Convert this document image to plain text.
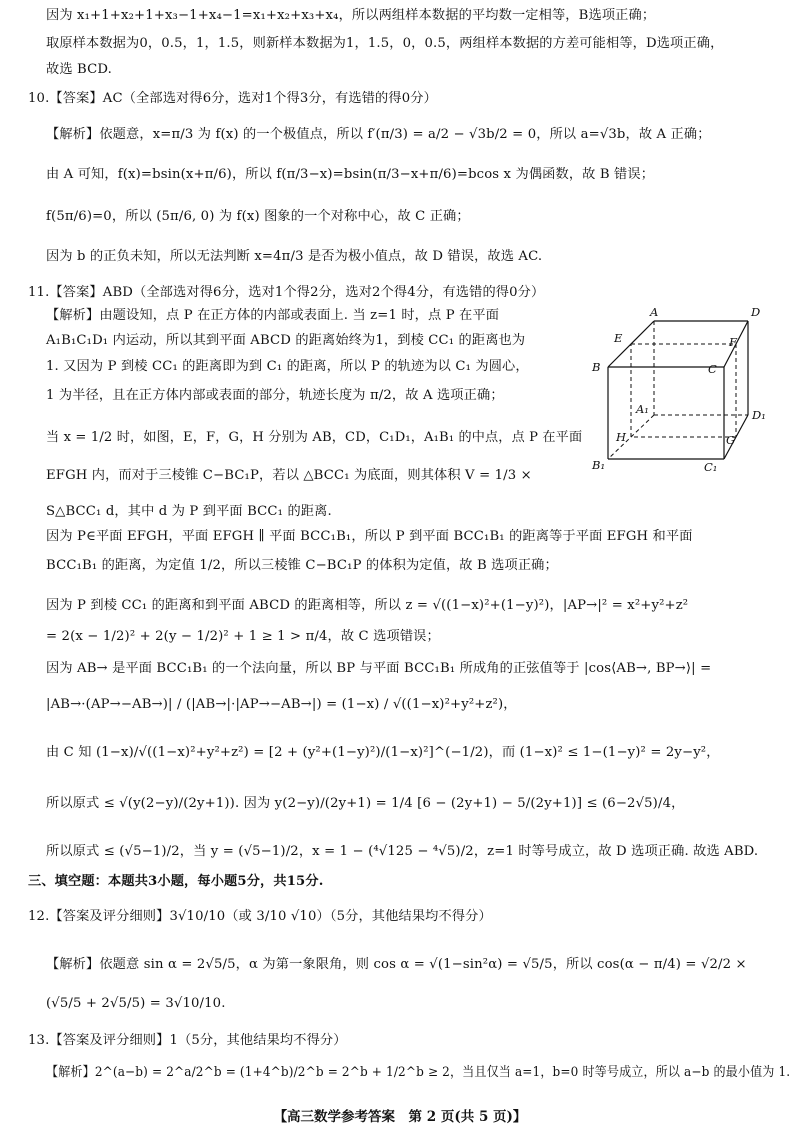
因为 x₁+1+x₂+1+x₃−1+x₄−1=x₁+x₂+x₃+x₄，所以两组样本数据的平均数一定相等，B选项正确；
取原样本数据为0，0.5，1，1.5，则新样本数据为1，1.5，0，0.5，两组样本数据的方差可能相等，D选项正确，
故选 BCD.
10.【答案】AC（全部选对得6分，选对1个得3分，有选错的得0分）
【解析】依题意，x=π/3 为 f(x) 的一个极值点，所以 f′(π/3) = a/2 − √3b/2 = 0，所以 a=√3b，故 A 正确；
由 A 可知，f(x)=bsin(x+π/6)，所以 f(π/3−x)=bsin(π/3−x+π/6)=bcos x 为偶函数，故 B 错误；
f(5π/6)=0，所以 (5π/6, 0) 为 f(x) 图象的一个对称中心，故 C 正确；
因为 b 的正负未知，所以无法判断 x=4π/3 是否为极小值点，故 D 错误，故选 AC.
11.【答案】ABD（全部选对得6分，选对1个得2分，选对2个得4分，有选错的得0分）
【解析】由题设知，点 P 在正方体的内部或表面上. 当 z=1 时，点 P 在平面
A₁B₁C₁D₁ 内运动，所以其到平面 ABCD 的距离始终为1，到棱 CC₁ 的距离也为
1. 又因为 P 到棱 CC₁ 的距离即为到 C₁ 的距离，所以 P 的轨迹为以 C₁ 为圆心，
1 为半径，且在正方体内部或表面的部分，轨迹长度为 π/2，故 A 选项正确；
当 x = 1/2 时，如图，E，F，G，H 分别为 AB，CD，C₁D₁，A₁B₁ 的中点，点 P 在平面
EFGH 内，而对于三棱锥 C−BC₁P，若以 △BCC₁ 为底面，则其体积 V = 1/3 ×
S△BCC₁ d，其中 d 为 P 到平面 BCC₁ 的距离.
因为 P∈平面 EFGH，平面 EFGH ∥ 平面 BCC₁B₁，所以 P 到平面 BCC₁B₁ 的距离等于平面 EFGH 和平面
BCC₁B₁ 的距离，为定值 1/2，所以三棱锥 C−BC₁P 的体积为定值，故 B 选项正确；
因为 P 到棱 CC₁ 的距离和到平面 ABCD 的距离相等，所以 z = √((1−x)²+(1−y)²)，|AP→|² = x²+y²+z²
= 2(x − 1/2)² + 2(y − 1/2)² + 1 ≥ 1 > π/4，故 C 选项错误；
因为 AB→ 是平面 BCC₁B₁ 的一个法向量，所以 BP 与平面 BCC₁B₁ 所成角的正弦值等于 |cos⟨AB→, BP→⟩| =
|AB→·(AP→−AB→)| / (|AB→|·|AP→−AB→|) = (1−x) / √((1−x)²+y²+z²)，
由 C 知 (1−x)/√((1−x)²+y²+z²) = [2 + (y²+(1−y)²)/(1−x)²]^(−1/2)，而 (1−x)² ≤ 1−(1−y)² = 2y−y²，
所以原式 ≤ √(y(2−y)/(2y+1)). 因为 y(2−y)/(2y+1) = 1/4 [6 − (2y+1) − 5/(2y+1)] ≤ (6−2√5)/4，
所以原式 ≤ (√5−1)/2，当 y = (√5−1)/2，x = 1 − (⁴√125 − ⁴√5)/2，z=1 时等号成立，故 D 选项正确. 故选 ABD.
三、填空题：本题共3小题，每小题5分，共15分.
12.【答案及评分细则】3√10/10（或 3/10 √10）（5分，其他结果均不得分）
【解析】依题意 sin α = 2√5/5，α 为第一象限角，则 cos α = √(1−sin²α) = √5/5，所以 cos(α − π/4) = √2/2 ×
(√5/5 + 2√5/5) = 3√10/10.
13.【答案及评分细则】1（5分，其他结果均不得分）
【解析】2^(a−b) = 2^a/2^b = (1+4^b)/2^b = 2^b + 1/2^b ≥ 2，当且仅当 a=1，b=0 时等号成立，所以 a−b 的最小值为 1.
A	D
E	F
B	C
A₁	D₁
H	G
B₁	C₁
【高三数学参考答案　第 2 页(共 5 页)】
